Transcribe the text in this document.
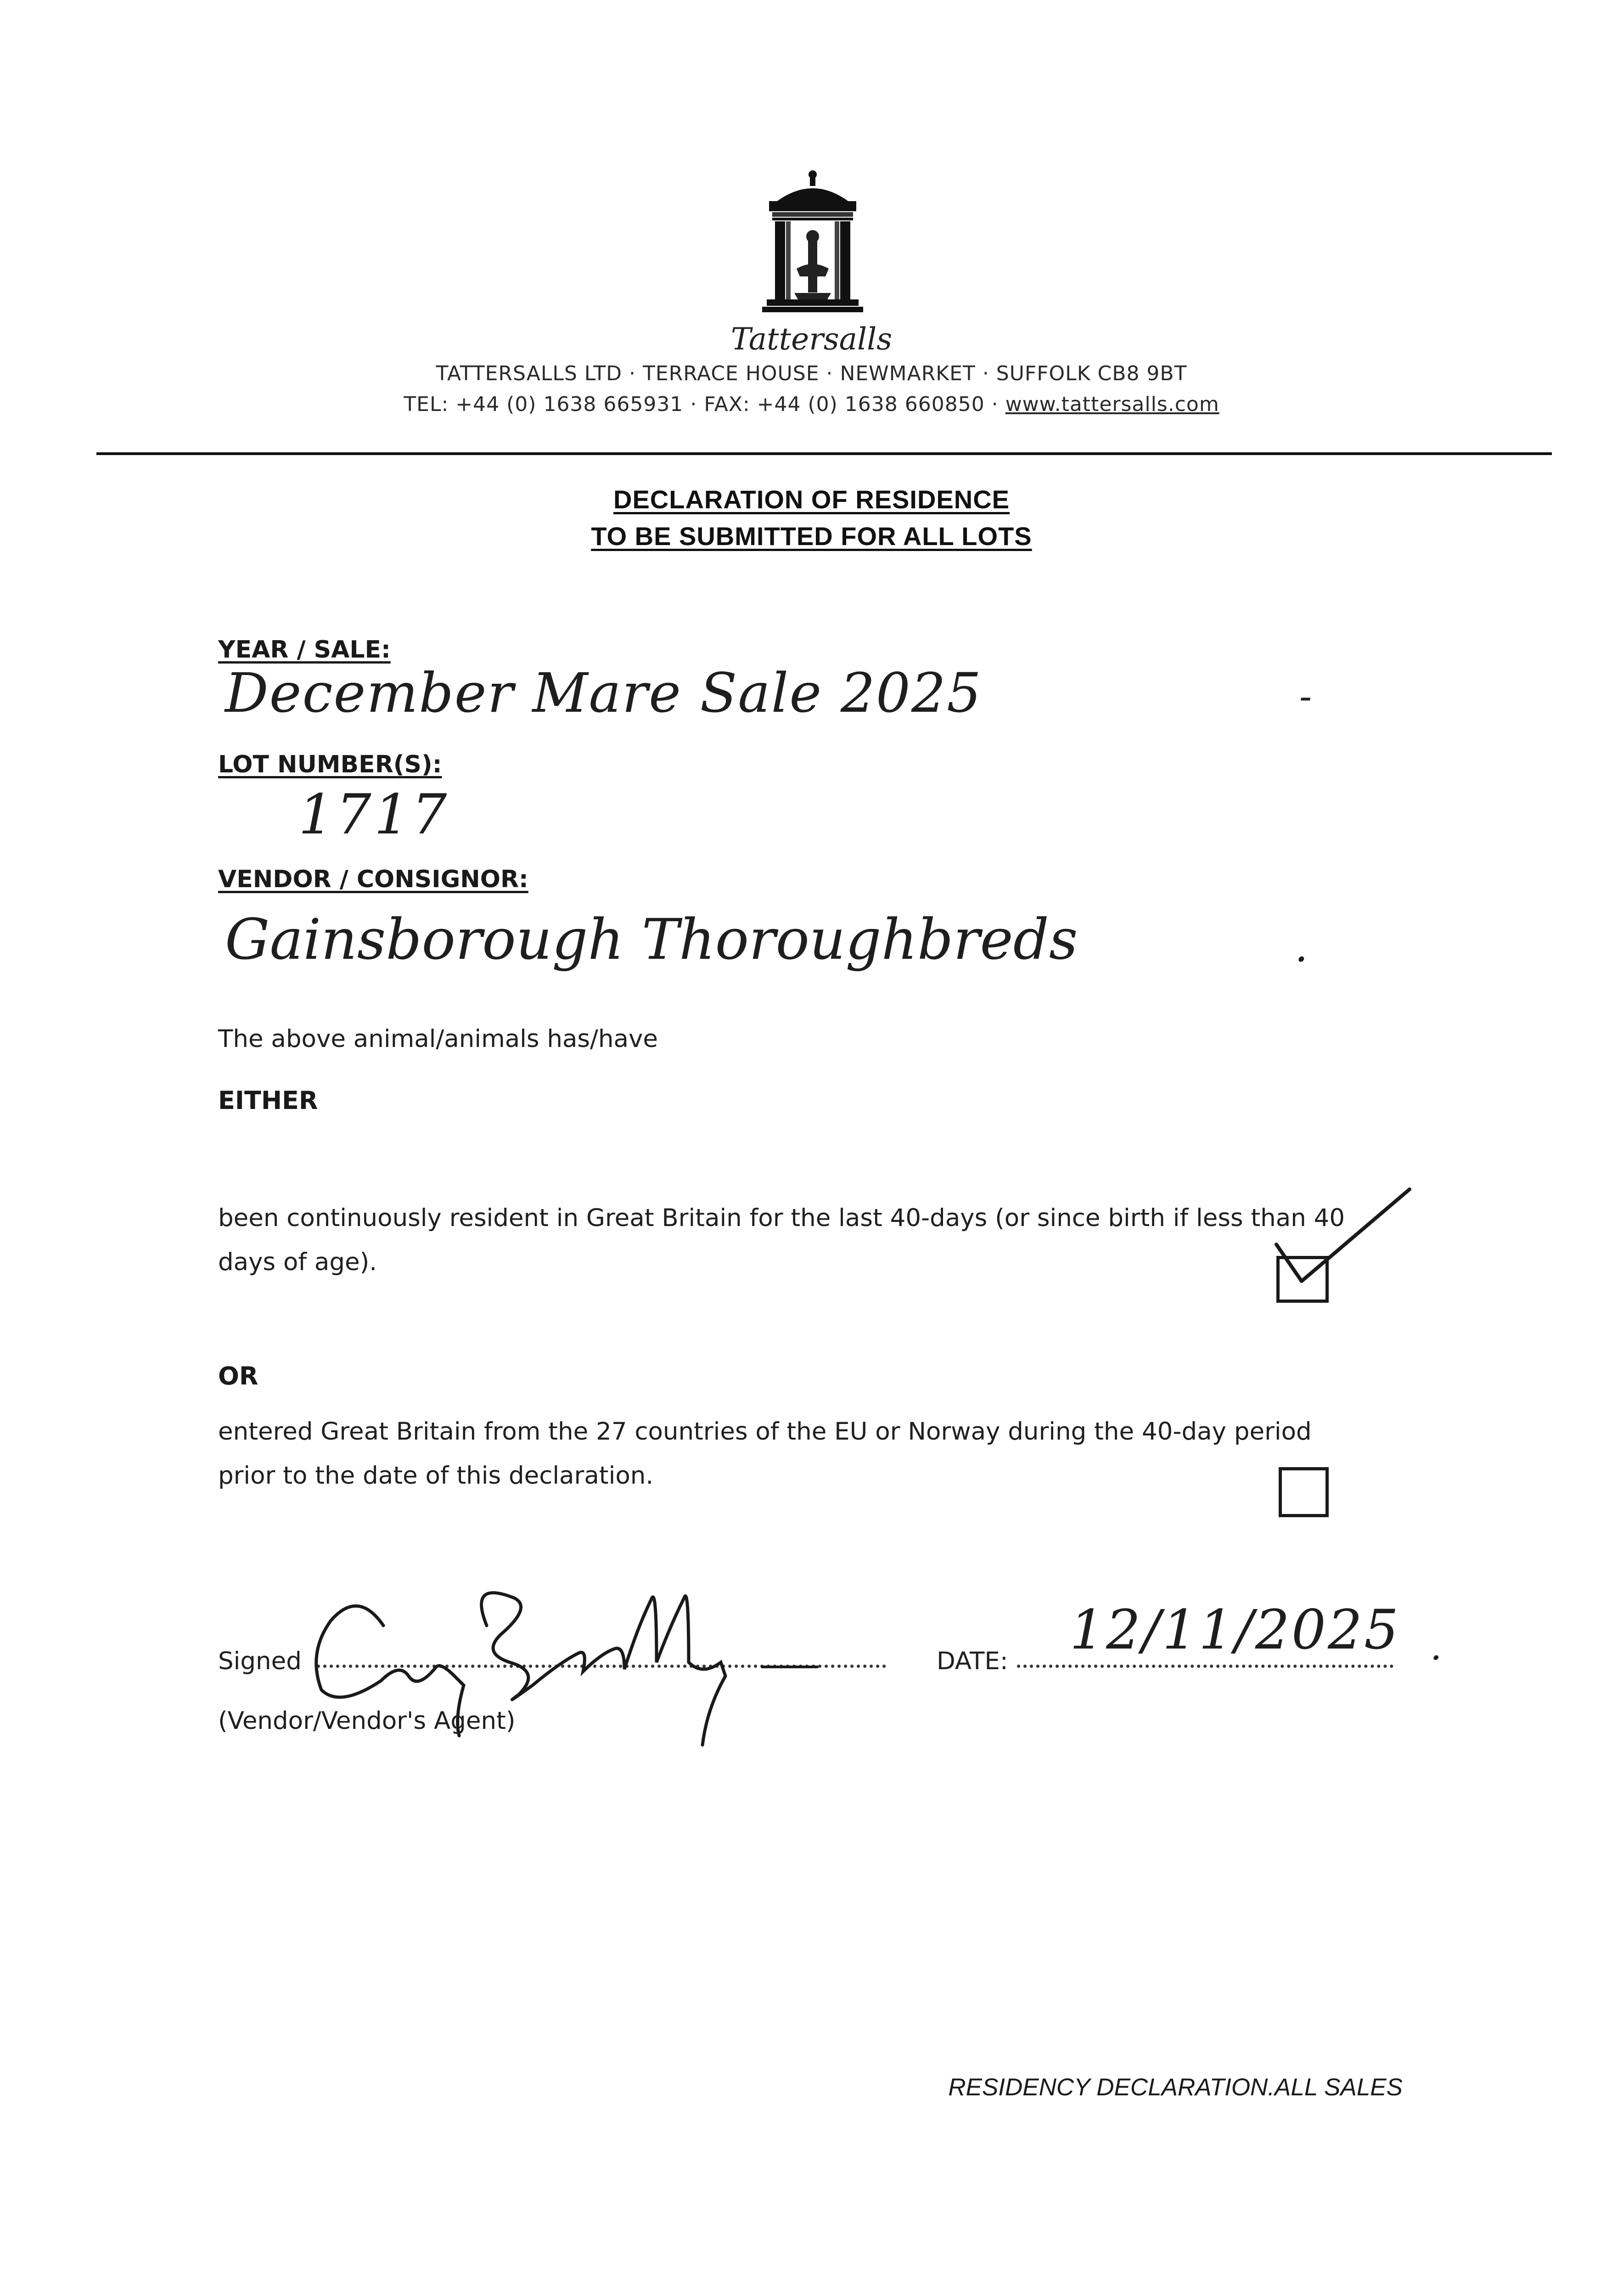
Tattersalls
TATTERSALLS LTD · TERRACE HOUSE · NEWMARKET · SUFFOLK CB8 9BT
TEL: +44 (0) 1638 665931 · FAX: +44 (0) 1638 660850 · www.tattersalls.com
DECLARATION OF RESIDENCE
TO BE SUBMITTED FOR ALL LOTS
YEAR / SALE:
December Mare Sale 2025	-
LOT NUMBER(S):
1717
VENDOR / CONSIGNOR:
Gainsborough Thoroughbreds	.
The above animal/animals has/have
EITHER
been continuously resident in Great Britain for the last 40-days (or since birth if less than 40
days of age).
OR
entered Great Britain from the 27 countries of the EU or Norway during the 40-day period
prior to the date of this declaration.
Signed
(Vendor/Vendor's Agent)
DATE: 12/11/2025 .
RESIDENCY DECLARATION.ALL SALES
